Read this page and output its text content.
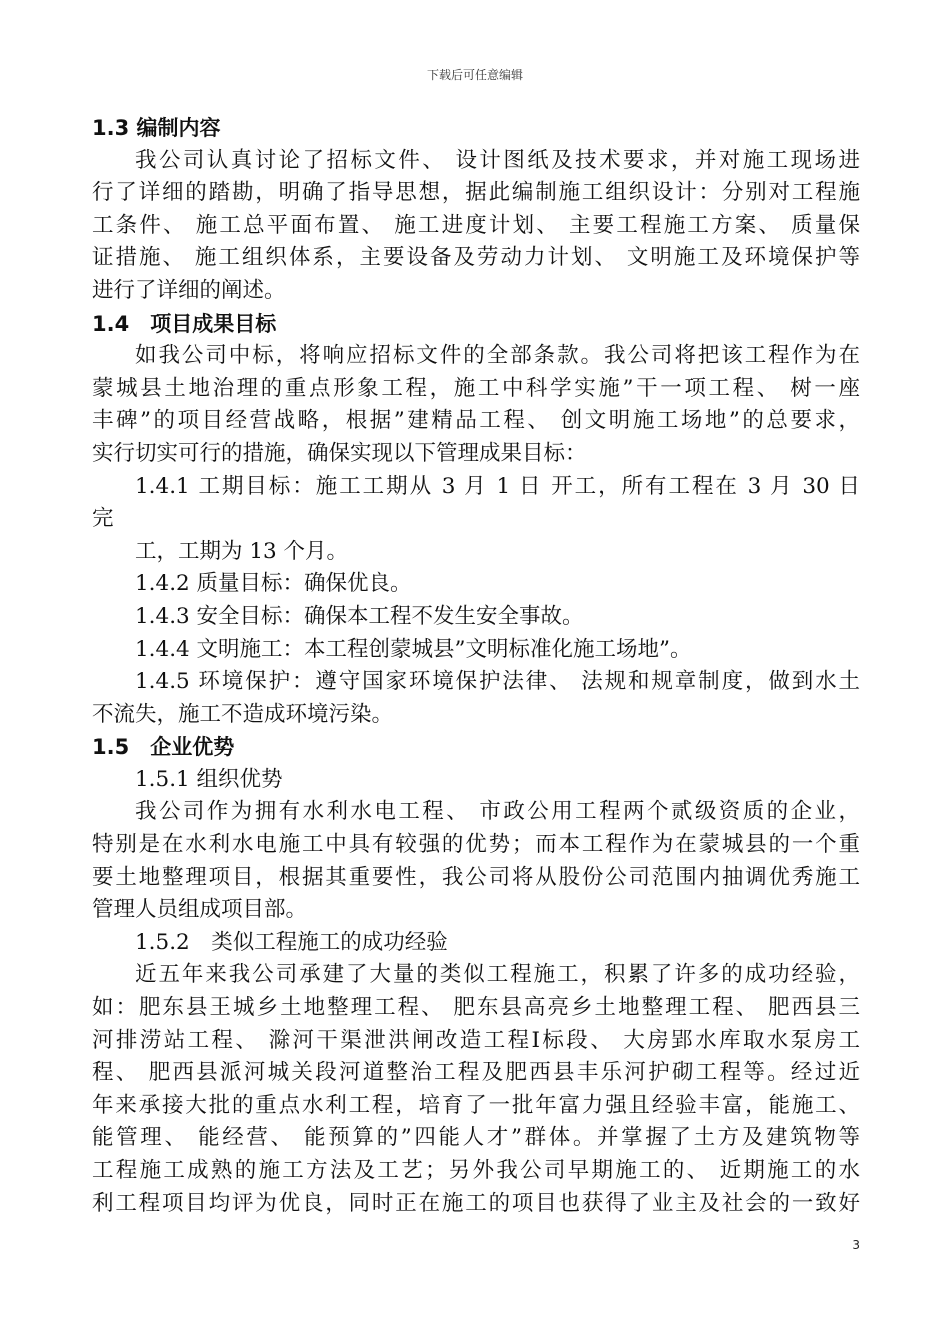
下载后可任意编辑
1.3 编制内容
我公司认真讨论了招标文件、 设计图纸及技术要求，并对施工现场进
行了详细的踏勘，明确了指导思想，据此编制施工组织设计：分别对工程施
工条件、 施工总平面布置、 施工进度计划、 主要工程施工方案、 质量保
证措施、 施工组织体系，主要设备及劳动力计划、 文明施工及环境保护等
进行了详细的阐述。
1.4　项目成果目标
如我公司中标，将响应招标文件的全部条款。我公司将把该工程作为在
蒙城县土地治理的重点形象工程，施工中科学实施”干一项工程、 树一座
丰碑”的项目经营战略，根据”建精品工程、 创文明施工场地”的总要求，
实行切实可行的措施，确保实现以下管理成果目标：
1.4.1 工期目标：施工工期从 3 月 1 日 开工，所有工程在 3 月 30 日
完
工，工期为 13 个月。
1.4.2 质量目标：确保优良。
1.4.3 安全目标：确保本工程不发生安全事故。
1.4.4 文明施工：本工程创蒙城县”文明标准化施工场地”。
1.4.5 环境保护：遵守国家环境保护法律、 法规和规章制度，做到水土
不流失，施工不造成环境污染。
1.5　企业优势
1.5.1 组织优势
我公司作为拥有水利水电工程、 市政公用工程两个贰级资质的企业，
特别是在水利水电施工中具有较强的优势；而本工程作为在蒙城县的一个重
要土地整理项目，根据其重要性，我公司将从股份公司范围内抽调优秀施工
管理人员组成项目部。
1.5.2　类似工程施工的成功经验
近五年来我公司承建了大量的类似工程施工，积累了许多的成功经验，
如：肥东县王城乡土地整理工程、 肥东县高亮乡土地整理工程、 肥西县三
河排涝站工程、 滁河干渠泄洪闸改造工程Ⅰ标段、 大房郢水库取水泵房工
程、 肥西县派河城关段河道整治工程及肥西县丰乐河护砌工程等。经过近
年来承接大批的重点水利工程，培育了一批年富力强且经验丰富，能施工、
能管理、 能经营、 能预算的”四能人才”群体。并掌握了土方及建筑物等
工程施工成熟的施工方法及工艺；另外我公司早期施工的、 近期施工的水
利工程项目均评为优良，同时正在施工的项目也获得了业主及社会的一致好
3
